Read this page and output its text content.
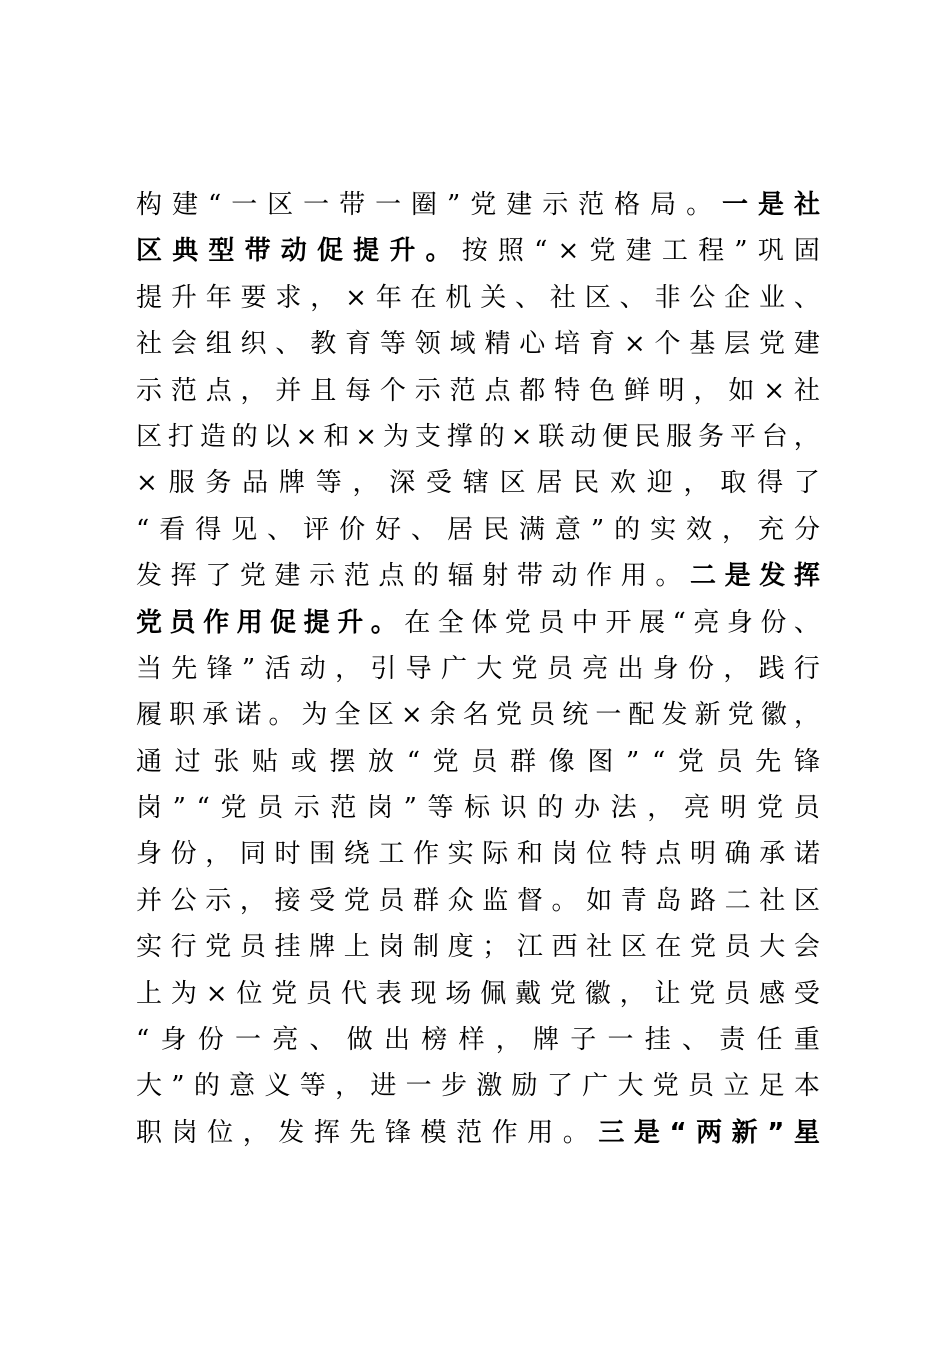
构 建 “ 一 区 一 带 一 圈 ” 党 建 示 范 格 局 。 一 是 社
区 典 型 带 动 促 提 升 。 按 照 “ × 党 建 工 程 ” 巩 固
提 升 年 要 求 ， × 年 在 机 关 、 社 区 、 非 公 企 业 、
社 会 组 织 、 教 育 等 领 域 精 心 培 育 × 个 基 层 党 建
示 范 点 ， 并 且 每 个 示 范 点 都 特 色 鲜 明 ， 如 × 社
区 打 造 的 以 × 和 × 为 支 撑 的 × 联 动 便 民 服 务 平 台 ，
× 服 务 品 牌 等 ， 深 受 辖 区 居 民 欢 迎 ， 取 得 了
“ 看 得 见 、 评 价 好 、 居 民 满 意 ” 的 实 效 ， 充 分
发 挥 了 党 建 示 范 点 的 辐 射 带 动 作 用 。 二 是 发 挥
党 员 作 用 促 提 升 。 在 全 体 党 员 中 开 展 “ 亮 身 份 、
当 先 锋 ” 活 动 ， 引 导 广 大 党 员 亮 出 身 份 ， 践 行
履 职 承 诺 。 为 全 区 × 余 名 党 员 统 一 配 发 新 党 徽 ，
通 过 张 贴 或 摆 放 “ 党 员 群 像 图 ” “ 党 员 先 锋
岗 ” “ 党 员 示 范 岗 ” 等 标 识 的 办 法 ， 亮 明 党 员
身 份 ， 同 时 围 绕 工 作 实 际 和 岗 位 特 点 明 确 承 诺
并 公 示 ， 接 受 党 员 群 众 监 督 。 如 青 岛 路 二 社 区
实 行 党 员 挂 牌 上 岗 制 度 ； 江 西 社 区 在 党 员 大 会
上 为 × 位 党 员 代 表 现 场 佩 戴 党 徽 ， 让 党 员 感 受
“ 身 份 一 亮 、 做 出 榜 样 ， 牌 子 一 挂 、 责 任 重
大 ” 的 意 义 等 ， 进 一 步 激 励 了 广 大 党 员 立 足 本
职 岗 位 ， 发 挥 先 锋 模 范 作 用 。 三 是 “ 两 新 ” 星
